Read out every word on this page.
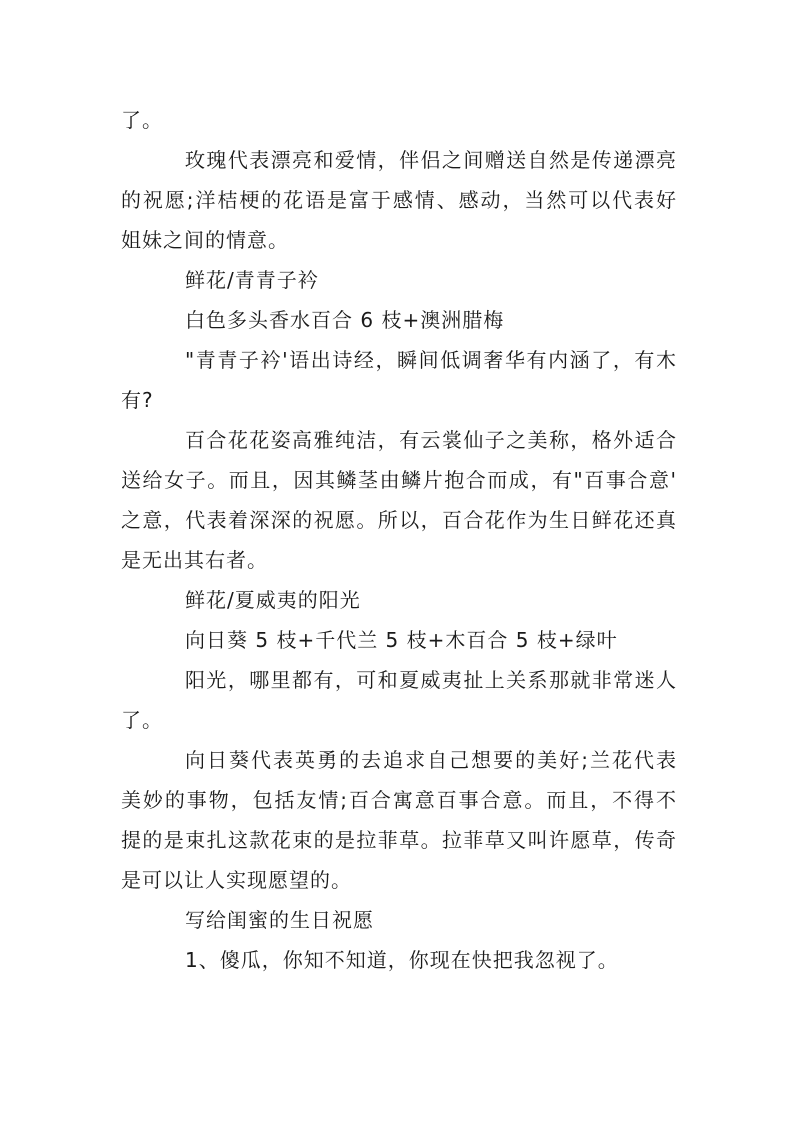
了。
玫瑰代表漂亮和爱情，伴侣之间赠送自然是传递漂亮
的祝愿;洋桔梗的花语是富于感情、感动，当然可以代表好
姐妹之间的情意。
鲜花/青青子衿
白色多头香水百合 6 枝+澳洲腊梅
"青青子衿'语出诗经，瞬间低调奢华有内涵了，有木
有?
百合花花姿高雅纯洁，有云裳仙子之美称，格外适合
送给女子。而且，因其鳞茎由鳞片抱合而成，有"百事合意'
之意，代表着深深的祝愿。所以，百合花作为生日鲜花还真
是无出其右者。
鲜花/夏威夷的阳光
向日葵 5 枝+千代兰 5 枝+木百合 5 枝+绿叶
阳光，哪里都有，可和夏威夷扯上关系那就非常迷人
了。
向日葵代表英勇的去追求自己想要的美好;兰花代表
美妙的事物，包括友情;百合寓意百事合意。而且，不得不
提的是束扎这款花束的是拉菲草。拉菲草又叫许愿草，传奇
是可以让人实现愿望的。
写给闺蜜的生日祝愿
1、傻瓜，你知不知道，你现在快把我忽视了。
